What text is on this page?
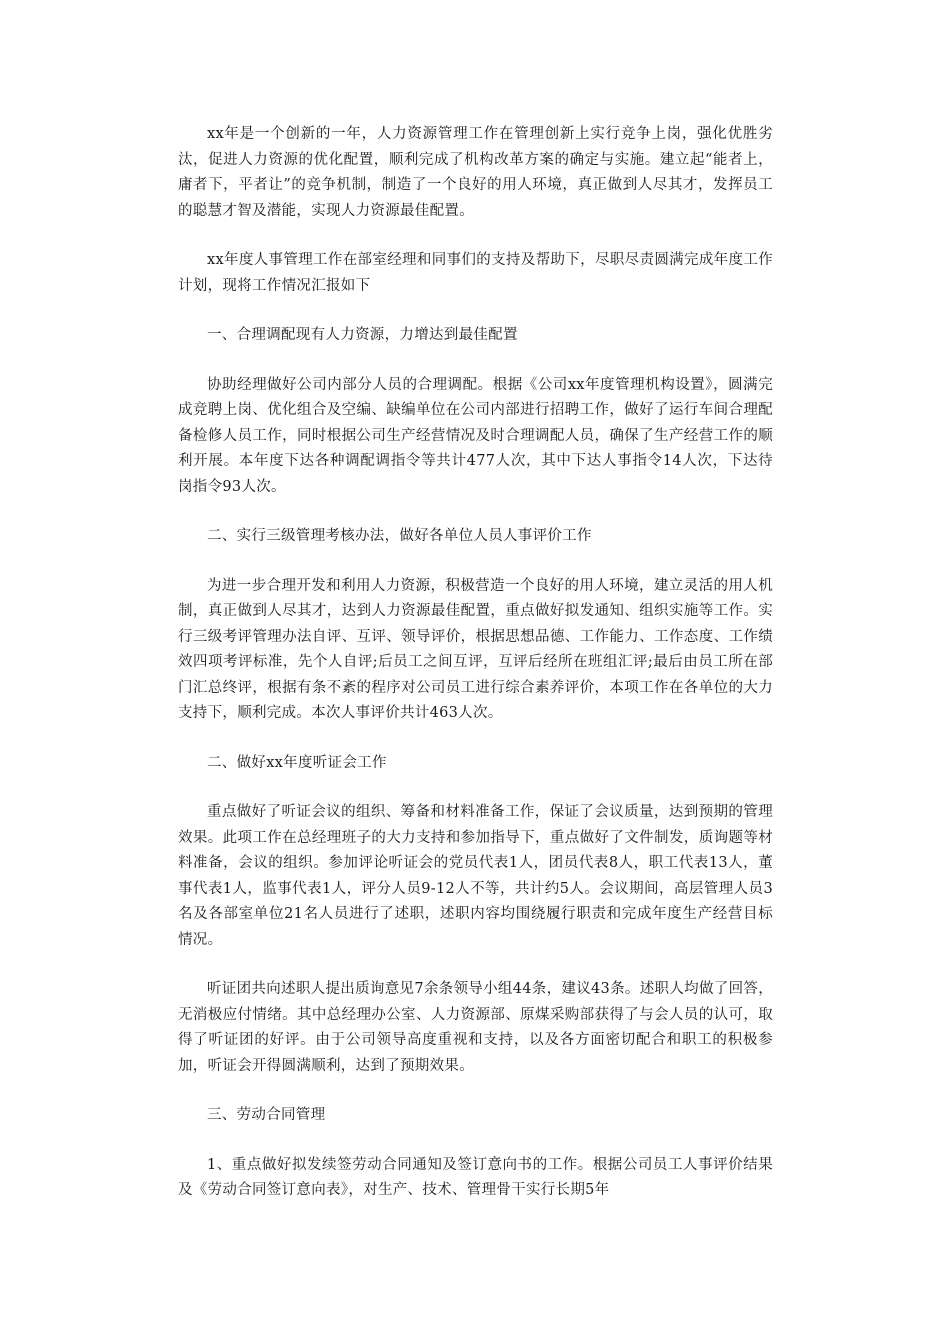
xx年是一个创新的一年，人力资源管理工作在管理创新上实行竞争上岗，强化优胜劣汰，促进人力资源的优化配置，顺利完成了机构改革方案的确定与实施。建立起“能者上，庸者下，平者让”的竞争机制，制造了一个良好的用人环境，真正做到人尽其才，发挥员工的聪慧才智及潜能，实现人力资源最佳配置。

xx年度人事管理工作在部室经理和同事们的支持及帮助下，尽职尽责圆满完成年度工作计划，现将工作情况汇报如下

一、合理调配现有人力资源，力增达到最佳配置

协助经理做好公司内部分人员的合理调配。根据《公司xx年度管理机构设置》，圆满完成竞聘上岗、优化组合及空编、缺编单位在公司内部进行招聘工作，做好了运行车间合理配备检修人员工作，同时根据公司生产经营情况及时合理调配人员，确保了生产经营工作的顺利开展。本年度下达各种调配调指令等共计477人次，其中下达人事指令14人次，下达待岗指令93人次。

二、实行三级管理考核办法，做好各单位人员人事评价工作

为进一步合理开发和利用人力资源，积极营造一个良好的用人环境，建立灵活的用人机制，真正做到人尽其才，达到人力资源最佳配置，重点做好拟发通知、组织实施等工作。实行三级考评管理办法自评、互评、领导评价，根据思想品德、工作能力、工作态度、工作绩效四项考评标准，先个人自评;后员工之间互评，互评后经所在班组汇评;最后由员工所在部门汇总终评，根据有条不紊的程序对公司员工进行综合素养评价，本项工作在各单位的大力支持下，顺利完成。本次人事评价共计463人次。

二、做好xx年度听证会工作

重点做好了听证会议的组织、筹备和材料准备工作，保证了会议质量，达到预期的管理效果。此项工作在总经理班子的大力支持和参加指导下，重点做好了文件制发，质询题等材料准备，会议的组织。参加评论听证会的党员代表1人，团员代表8人，职工代表13人，董事代表1人，监事代表1人，评分人员9-12人不等，共计约5人。会议期间，高层管理人员3名及各部室单位21名人员进行了述职，述职内容均围绕履行职责和完成年度生产经营目标情况。

听证团共向述职人提出质询意见7余条领导小组44条，建议43条。述职人均做了回答，无消极应付情绪。其中总经理办公室、人力资源部、原煤采购部获得了与会人员的认可，取得了听证团的好评。由于公司领导高度重视和支持，以及各方面密切配合和职工的积极参加，听证会开得圆满顺利，达到了预期效果。

三、劳动合同管理

1、重点做好拟发续签劳动合同通知及签订意向书的工作。根据公司员工人事评价结果及《劳动合同签订意向表》，对生产、技术、管理骨干实行长期5年
